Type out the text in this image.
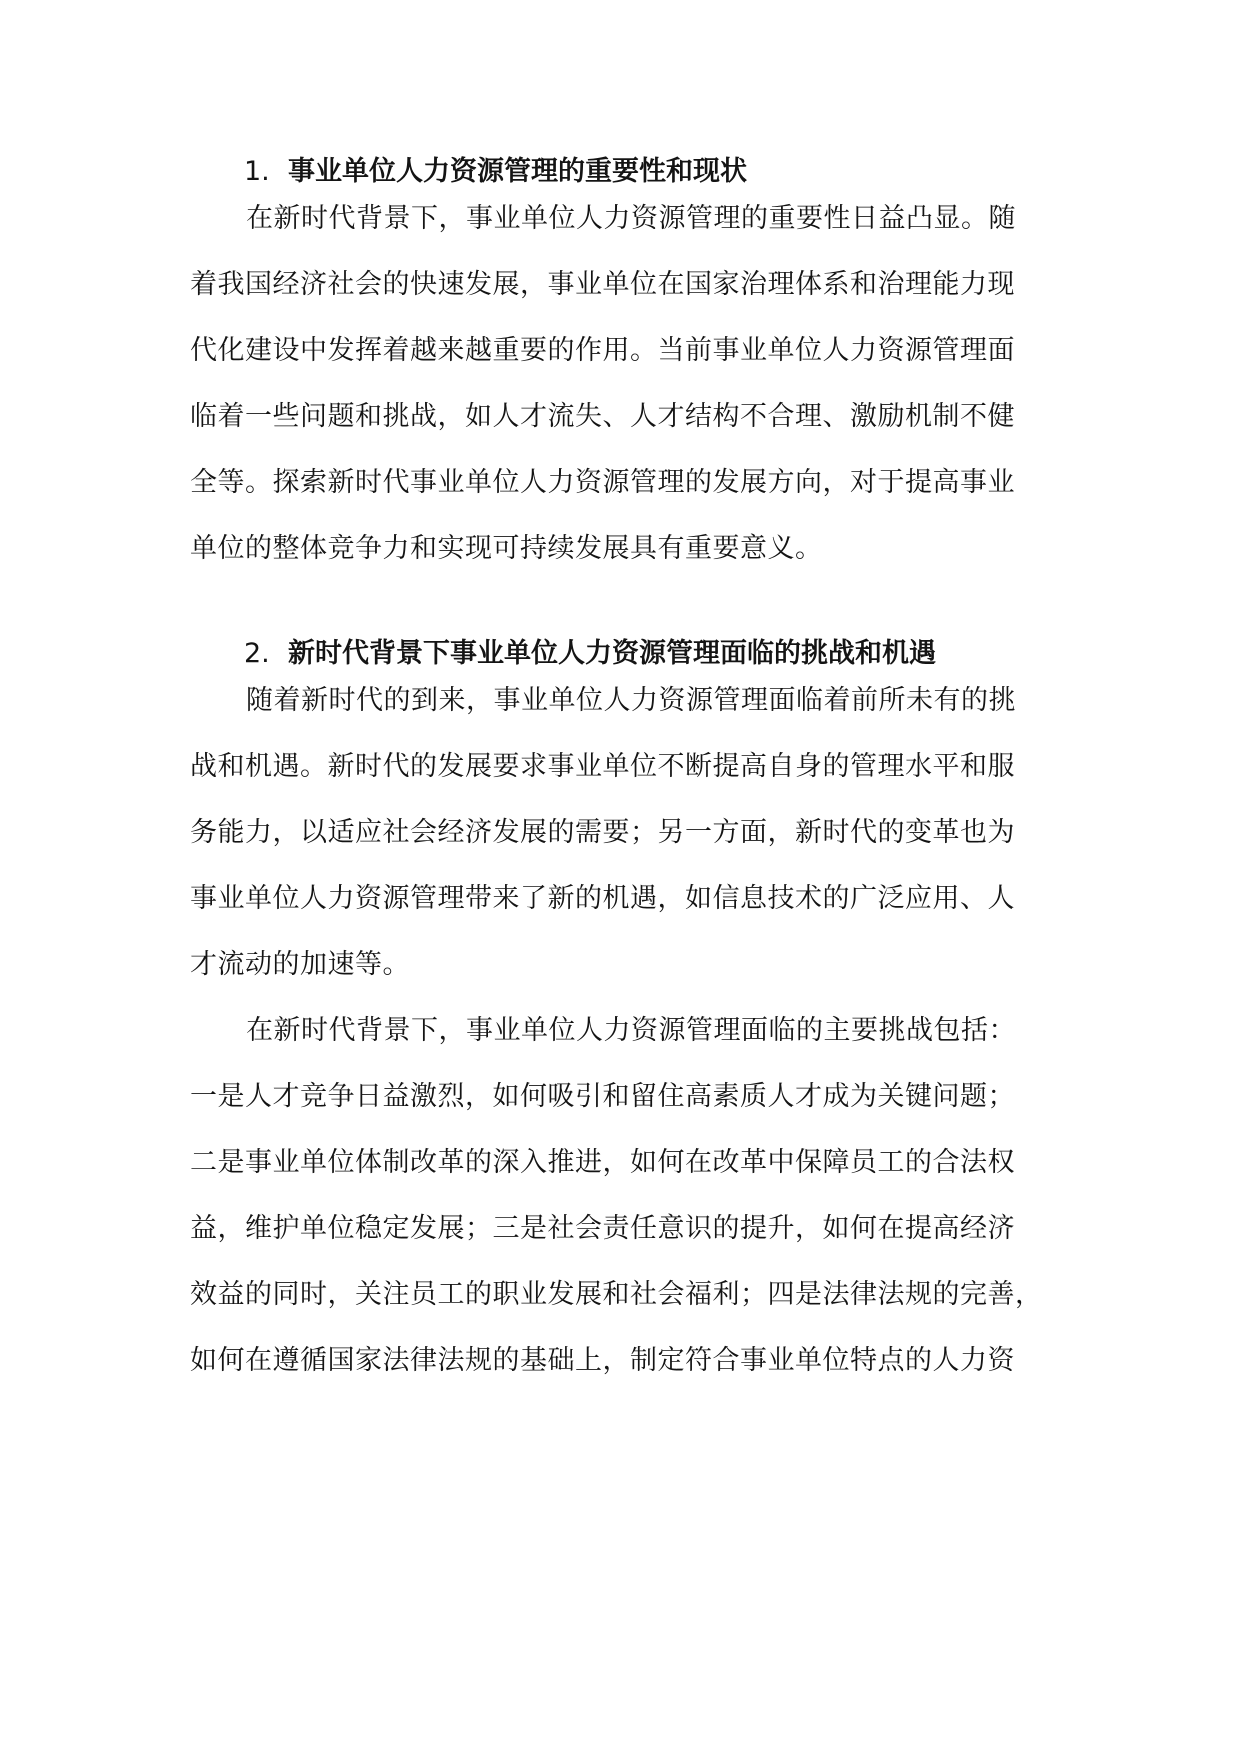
1. 事业单位人力资源管理的重要性和现状
在新时代背景下，事业单位人力资源管理的重要性日益凸显。随
着我国经济社会的快速发展，事业单位在国家治理体系和治理能力现
代化建设中发挥着越来越重要的作用。当前事业单位人力资源管理面
临着一些问题和挑战，如人才流失、人才结构不合理、激励机制不健
全等。探索新时代事业单位人力资源管理的发展方向，对于提高事业
单位的整体竞争力和实现可持续发展具有重要意义。
2. 新时代背景下事业单位人力资源管理面临的挑战和机遇
随着新时代的到来，事业单位人力资源管理面临着前所未有的挑
战和机遇。新时代的发展要求事业单位不断提高自身的管理水平和服
务能力，以适应社会经济发展的需要；另一方面，新时代的变革也为
事业单位人力资源管理带来了新的机遇，如信息技术的广泛应用、人
才流动的加速等。
在新时代背景下，事业单位人力资源管理面临的主要挑战包括：
一是人才竞争日益激烈，如何吸引和留住高素质人才成为关键问题；
二是事业单位体制改革的深入推进，如何在改革中保障员工的合法权
益，维护单位稳定发展；三是社会责任意识的提升，如何在提高经济
效益的同时，关注员工的职业发展和社会福利；四是法律法规的完善，
如何在遵循国家法律法规的基础上，制定符合事业单位特点的人力资
